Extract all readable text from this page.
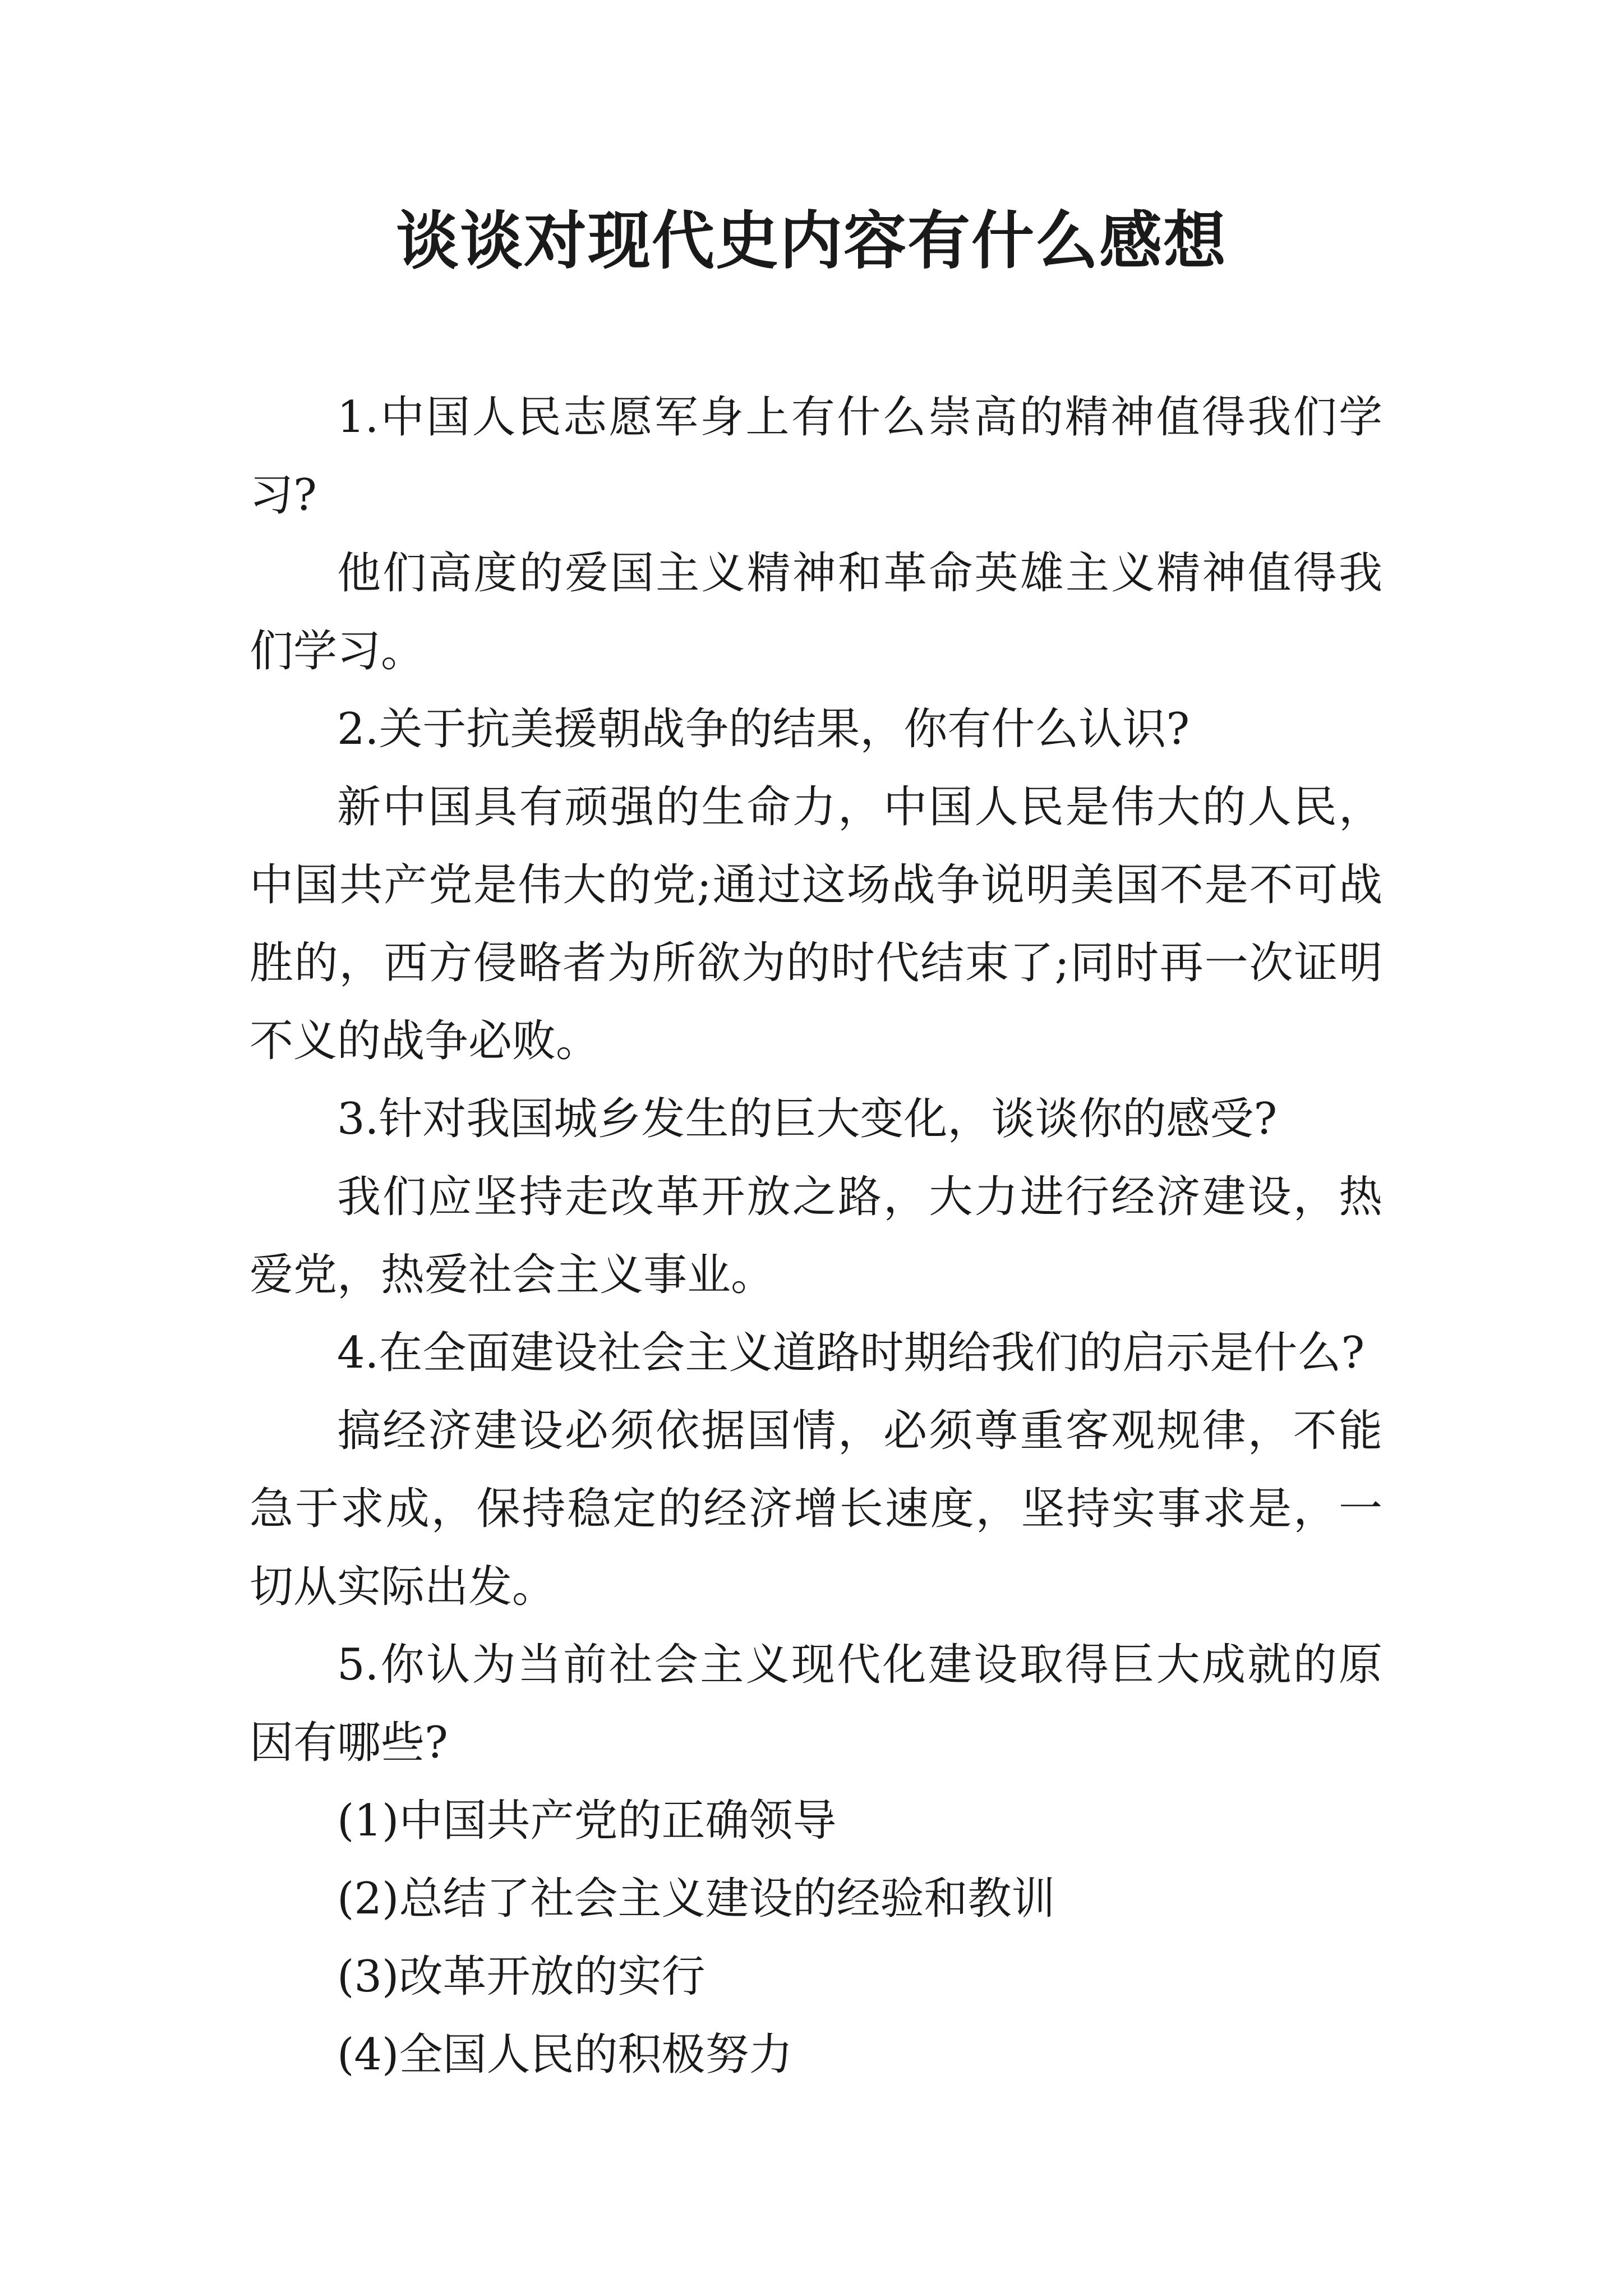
谈谈对现代史内容有什么感想

1.中国人民志愿军身上有什么崇高的精神值得我们学习?

他们高度的爱国主义精神和革命英雄主义精神值得我们学习。

2.关于抗美援朝战争的结果，你有什么认识?

新中国具有顽强的生命力，中国人民是伟大的人民，中国共产党是伟大的党;通过这场战争说明美国不是不可战胜的，西方侵略者为所欲为的时代结束了;同时再一次证明不义的战争必败。

3.针对我国城乡发生的巨大变化，谈谈你的感受?

我们应坚持走改革开放之路，大力进行经济建设，热爱党，热爱社会主义事业。

4.在全面建设社会主义道路时期给我们的启示是什么?

搞经济建设必须依据国情，必须尊重客观规律，不能急于求成，保持稳定的经济增长速度，坚持实事求是，一切从实际出发。

5.你认为当前社会主义现代化建设取得巨大成就的原因有哪些?

(1)中国共产党的正确领导

(2)总结了社会主义建设的经验和教训

(3)改革开放的实行

(4)全国人民的积极努力
